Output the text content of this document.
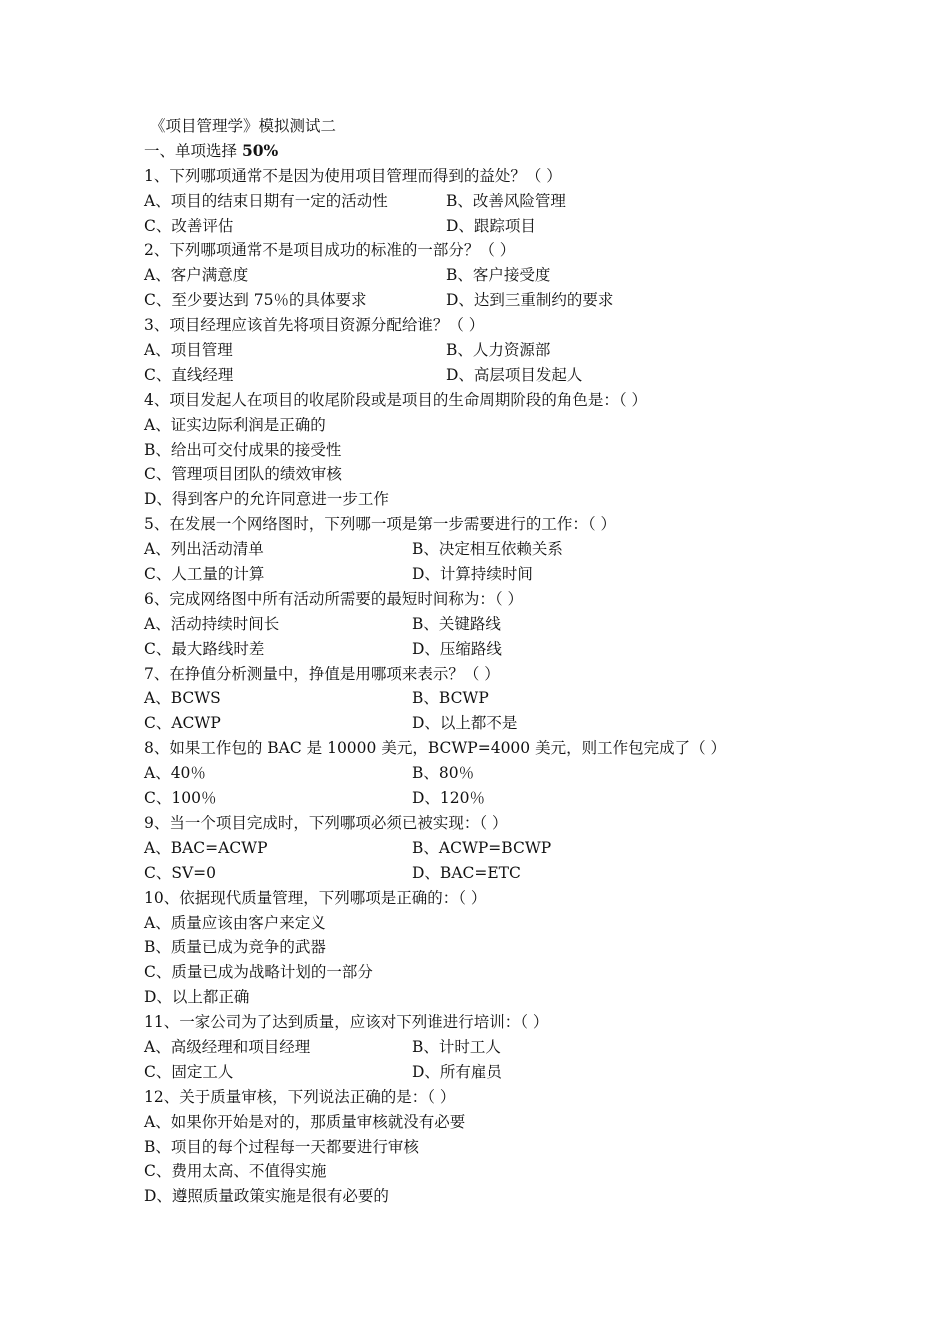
《项目管理学》模拟测试二
一、单项选择 50%
1、下列哪项通常不是因为使用项目管理而得到的益处？（ ）
A、项目的结束日期有一定的活动性	B、改善风险管理
C、改善评估	D、跟踪项目
2、下列哪项通常不是项目成功的标准的一部分？（ ）
A、客户满意度	B、客户接受度
C、至少要达到 75％的具体要求	D、达到三重制约的要求
3、项目经理应该首先将项目资源分配给谁？（ ）
A、项目管理	B、人力资源部
C、直线经理	D、高层项目发起人
4、项目发起人在项目的收尾阶段或是项目的生命周期阶段的角色是：（ ）
A、证实边际利润是正确的
B、给出可交付成果的接受性
C、管理项目团队的绩效审核
D、得到客户的允许同意进一步工作
5、在发展一个网络图时，下列哪一项是第一步需要进行的工作：（ ）
A、列出活动清单	B、决定相互依赖关系
C、人工量的计算	D、计算持续时间
6、完成网络图中所有活动所需要的最短时间称为：（ ）
A、活动持续时间长	B、关键路线
C、最大路线时差	D、压缩路线
7、在挣值分析测量中，挣值是用哪项来表示？（ ）
A、BCWS	B、BCWP
C、ACWP	D、以上都不是
8、如果工作包的 BAC 是 10000 美元，BCWP=4000 美元，则工作包完成了（ ）
A、40％	B、80％
C、100％	D、120％
9、当一个项目完成时，下列哪项必须已被实现：（ ）
A、BAC=ACWP	B、ACWP=BCWP
C、SV=0	D、BAC=ETC
10、依据现代质量管理，下列哪项是正确的：（ ）
A、质量应该由客户来定义
B、质量已成为竞争的武器
C、质量已成为战略计划的一部分
D、以上都正确
11、一家公司为了达到质量，应该对下列谁进行培训：（ ）
A、高级经理和项目经理	B、计时工人
C、固定工人	D、所有雇员
12、关于质量审核，下列说法正确的是：（ ）
A、如果你开始是对的，那质量审核就没有必要
B、项目的每个过程每一天都要进行审核
C、费用太高、不值得实施
D、遵照质量政策实施是很有必要的
